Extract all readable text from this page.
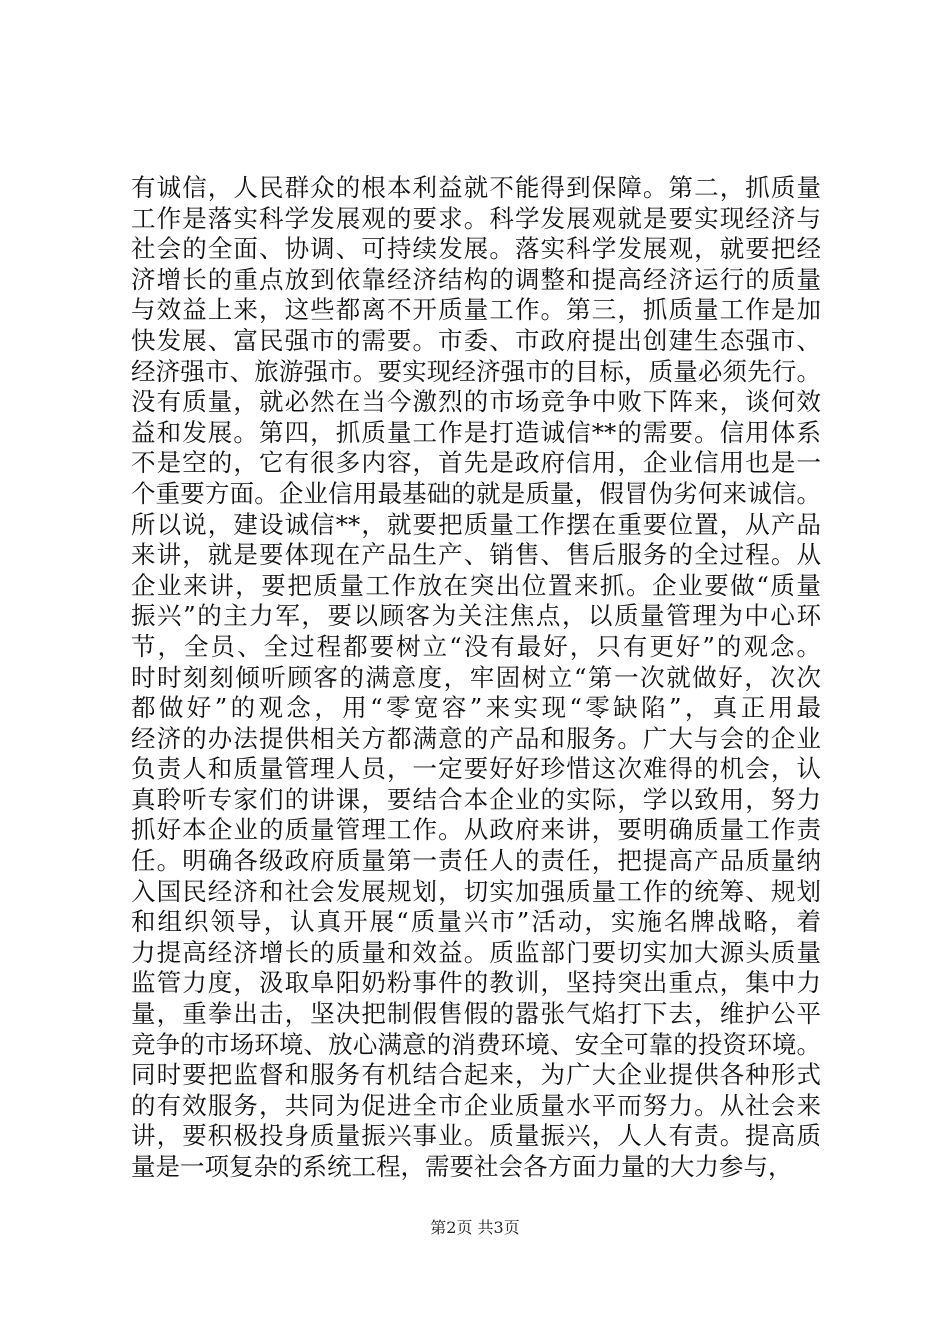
有诚信，人民群众的根本利益就不能得到保障。第二，抓质量
工作是落实科学发展观的要求。科学发展观就是要实现经济与
社会的全面、协调、可持续发展。落实科学发展观，就要把经
济增长的重点放到依靠经济结构的调整和提高经济运行的质量
与效益上来，这些都离不开质量工作。第三，抓质量工作是加
快发展、富民强市的需要。市委、市政府提出创建生态强市、
经济强市、旅游强市。要实现经济强市的目标，质量必须先行。
没有质量，就必然在当今激烈的市场竞争中败下阵来，谈何效
益和发展。第四，抓质量工作是打造诚信**的需要。信用体系
不是空的，它有很多内容，首先是政府信用，企业信用也是一
个重要方面。企业信用最基础的就是质量，假冒伪劣何来诚信。
所以说，建设诚信**，就要把质量工作摆在重要位置，从产品
来讲，就是要体现在产品生产、销售、售后服务的全过程。从
企业来讲，要把质量工作放在突出位置来抓。企业要做“质量
振兴”的主力军，要以顾客为关注焦点，以质量管理为中心环
节，全员、全过程都要树立“没有最好，只有更好”的观念。
时时刻刻倾听顾客的满意度，牢固树立“第一次就做好，次次
都做好”的观念，用“零宽容”来实现“零缺陷”，真正用最
经济的办法提供相关方都满意的产品和服务。广大与会的企业
负责人和质量管理人员，一定要好好珍惜这次难得的机会，认
真聆听专家们的讲课，要结合本企业的实际，学以致用，努力
抓好本企业的质量管理工作。从政府来讲，要明确质量工作责
任。明确各级政府质量第一责任人的责任，把提高产品质量纳
入国民经济和社会发展规划，切实加强质量工作的统筹、规划
和组织领导，认真开展“质量兴市”活动，实施名牌战略，着
力提高经济增长的质量和效益。质监部门要切实加大源头质量
监管力度，汲取阜阳奶粉事件的教训，坚持突出重点，集中力
量，重拳出击，坚决把制假售假的嚣张气焰打下去，维护公平
竞争的市场环境、放心满意的消费环境、安全可靠的投资环境。
同时要把监督和服务有机结合起来，为广大企业提供各种形式
的有效服务，共同为促进全市企业质量水平而努力。从社会来
讲，要积极投身质量振兴事业。质量振兴，人人有责。提高质
量是一项复杂的系统工程，需要社会各方面力量的大力参与，
第2页 共3页
